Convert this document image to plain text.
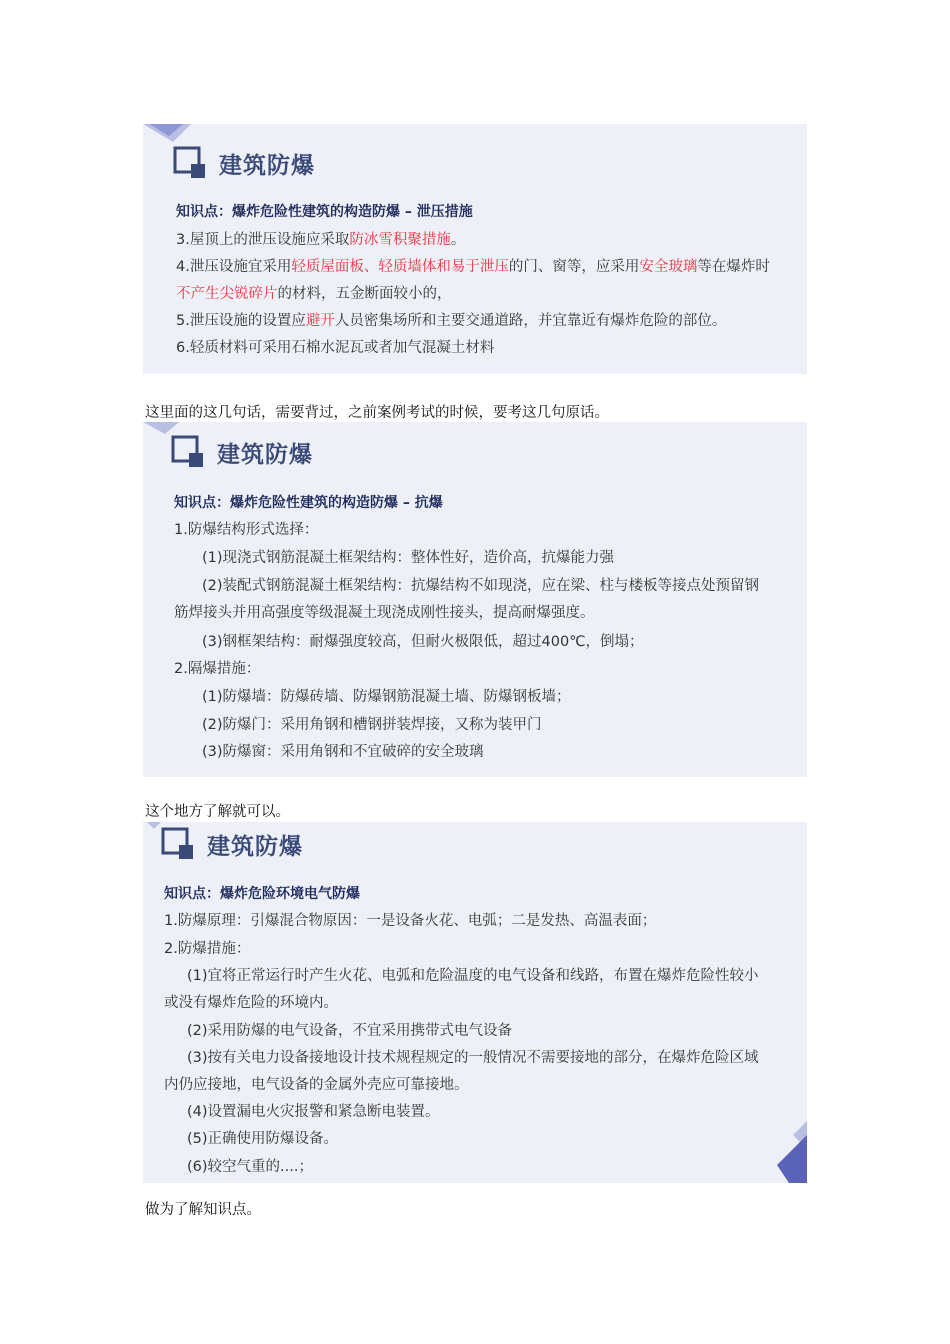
建筑防爆
知识点：爆炸危险性建筑的构造防爆 – 泄压措施
3.屋顶上的泄压设施应采取防冰雪积聚措施。
4.泄压设施宜采用轻质屋面板、轻质墙体和易于泄压的门、窗等，应采用安全玻璃等在爆炸时
不产生尖锐碎片的材料，五金断面较小的，
5.泄压设施的设置应避开人员密集场所和主要交通道路，并宜靠近有爆炸危险的部位。
6.轻质材料可采用石棉水泥瓦或者加气混凝土材料
这里面的这几句话，需要背过，之前案例考试的时候，要考这几句原话。
建筑防爆
知识点：爆炸危险性建筑的构造防爆 – 抗爆
1.防爆结构形式选择：
(1)现浇式钢筋混凝土框架结构：整体性好，造价高，抗爆能力强
(2)装配式钢筋混凝土框架结构：抗爆结构不如现浇，应在梁、柱与楼板等接点处预留钢
筋焊接头并用高强度等级混凝土现浇成刚性接头，提高耐爆强度。
(3)钢框架结构：耐爆强度较高，但耐火极限低，超过400℃，倒塌；
2.隔爆措施：
(1)防爆墙：防爆砖墙、防爆钢筋混凝土墙、防爆钢板墙；
(2)防爆门：采用角钢和槽钢拼装焊接，又称为装甲门
(3)防爆窗：采用角钢和不宜破碎的安全玻璃
这个地方了解就可以。
建筑防爆
知识点：爆炸危险环境电气防爆
1.防爆原理：引爆混合物原因：一是设备火花、电弧；二是发热、高温表面；
2.防爆措施：
(1)宜将正常运行时产生火花、电弧和危险温度的电气设备和线路，布置在爆炸危险性较小
或没有爆炸危险的环境内。
(2)采用防爆的电气设备，不宜采用携带式电气设备
(3)按有关电力设备接地设计技术规程规定的一般情况不需要接地的部分，在爆炸危险区域
内仍应接地，电气设备的金属外壳应可靠接地。
(4)设置漏电火灾报警和紧急断电装置。
(5)正确使用防爆设备。
(6)较空气重的....；
做为了解知识点。
